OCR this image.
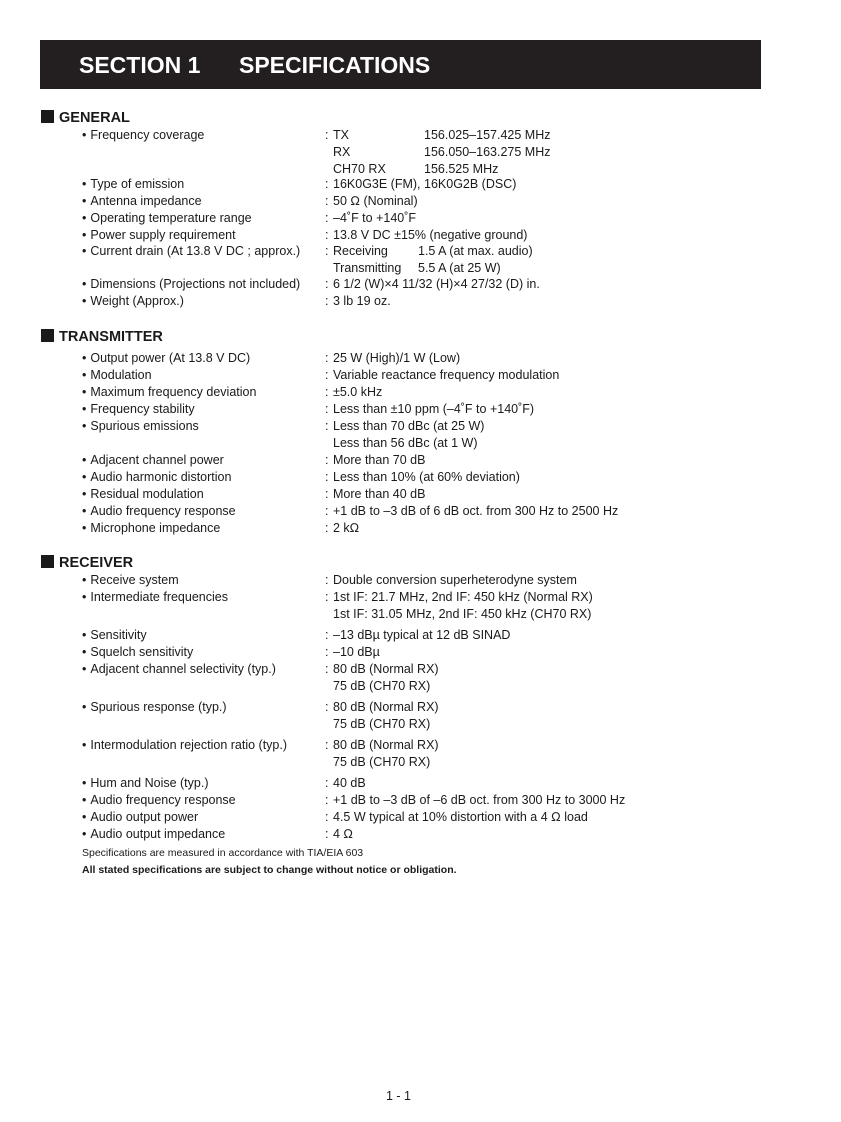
SECTION 1 SPECIFICATIONS
GENERAL
• Frequency coverage	: TX	156.025–157.425 MHz
RX	156.050–163.275 MHz
CH70 RX	156.525 MHz
• Type of emission	: 16K0G3E (FM), 16K0G2B (DSC)
• Antenna impedance	: 50 Ω (Nominal)
• Operating temperature range	: –4˚F to +140˚F
• Power supply requirement	: 13.8 V DC ±15% (negative ground)
• Current drain (At 13.8 V DC ; approx.) : Receiving 1.5 A (at max. audio)
Transmitting 5.5 A (at 25 W)
• Dimensions (Projections not included) : 6 1/2 (W)×4 11/32 (H)×4 27/32 (D) in.
• Weight (Approx.)	: 3 lb 19 oz.
TRANSMITTER
• Output power (At 13.8 V DC)	: 25 W (High)/1 W (Low)
• Modulation	: Variable reactance frequency modulation
• Maximum frequency deviation	: ±5.0 kHz
• Frequency stability	: Less than ±10 ppm (–4˚F to +140˚F)
• Spurious emissions	: Less than 70 dBc (at 25 W)
Less than 56 dBc (at 1 W)
• Adjacent channel power	: More than 70 dB
• Audio harmonic distortion	: Less than 10% (at 60% deviation)
• Residual modulation	: More than 40 dB
• Audio frequency response	: +1 dB to –3 dB of 6 dB oct. from 300 Hz to 2500 Hz
• Microphone impedance	: 2 kΩ
RECEIVER
• Receive system	: Double conversion superheterodyne system
• Intermediate frequencies	: 1st IF: 21.7 MHz, 2nd IF: 450 kHz (Normal RX)
1st IF: 31.05 MHz, 2nd IF: 450 kHz (CH70 RX)
• Sensitivity	: –13 dBµ typical at 12 dB SINAD
• Squelch sensitivity	: –10 dBµ
• Adjacent channel selectivity (typ.)	: 80 dB (Normal RX)
75 dB (CH70 RX)
• Spurious response (typ.)	: 80 dB (Normal RX)
75 dB (CH70 RX)
• Intermodulation rejection ratio (typ.)	: 80 dB (Normal RX)
75 dB (CH70 RX)
• Hum and Noise (typ.)	: 40 dB
• Audio frequency response	: +1 dB to –3 dB of –6 dB oct. from 300 Hz to 3000 Hz
• Audio output power	: 4.5 W typical at 10% distortion with a 4 Ω load
• Audio output impedance	: 4 Ω
Specifications are measured in accordance with TIA/EIA 603
All stated specifications are subject to change without notice or obligation.
1 - 1
